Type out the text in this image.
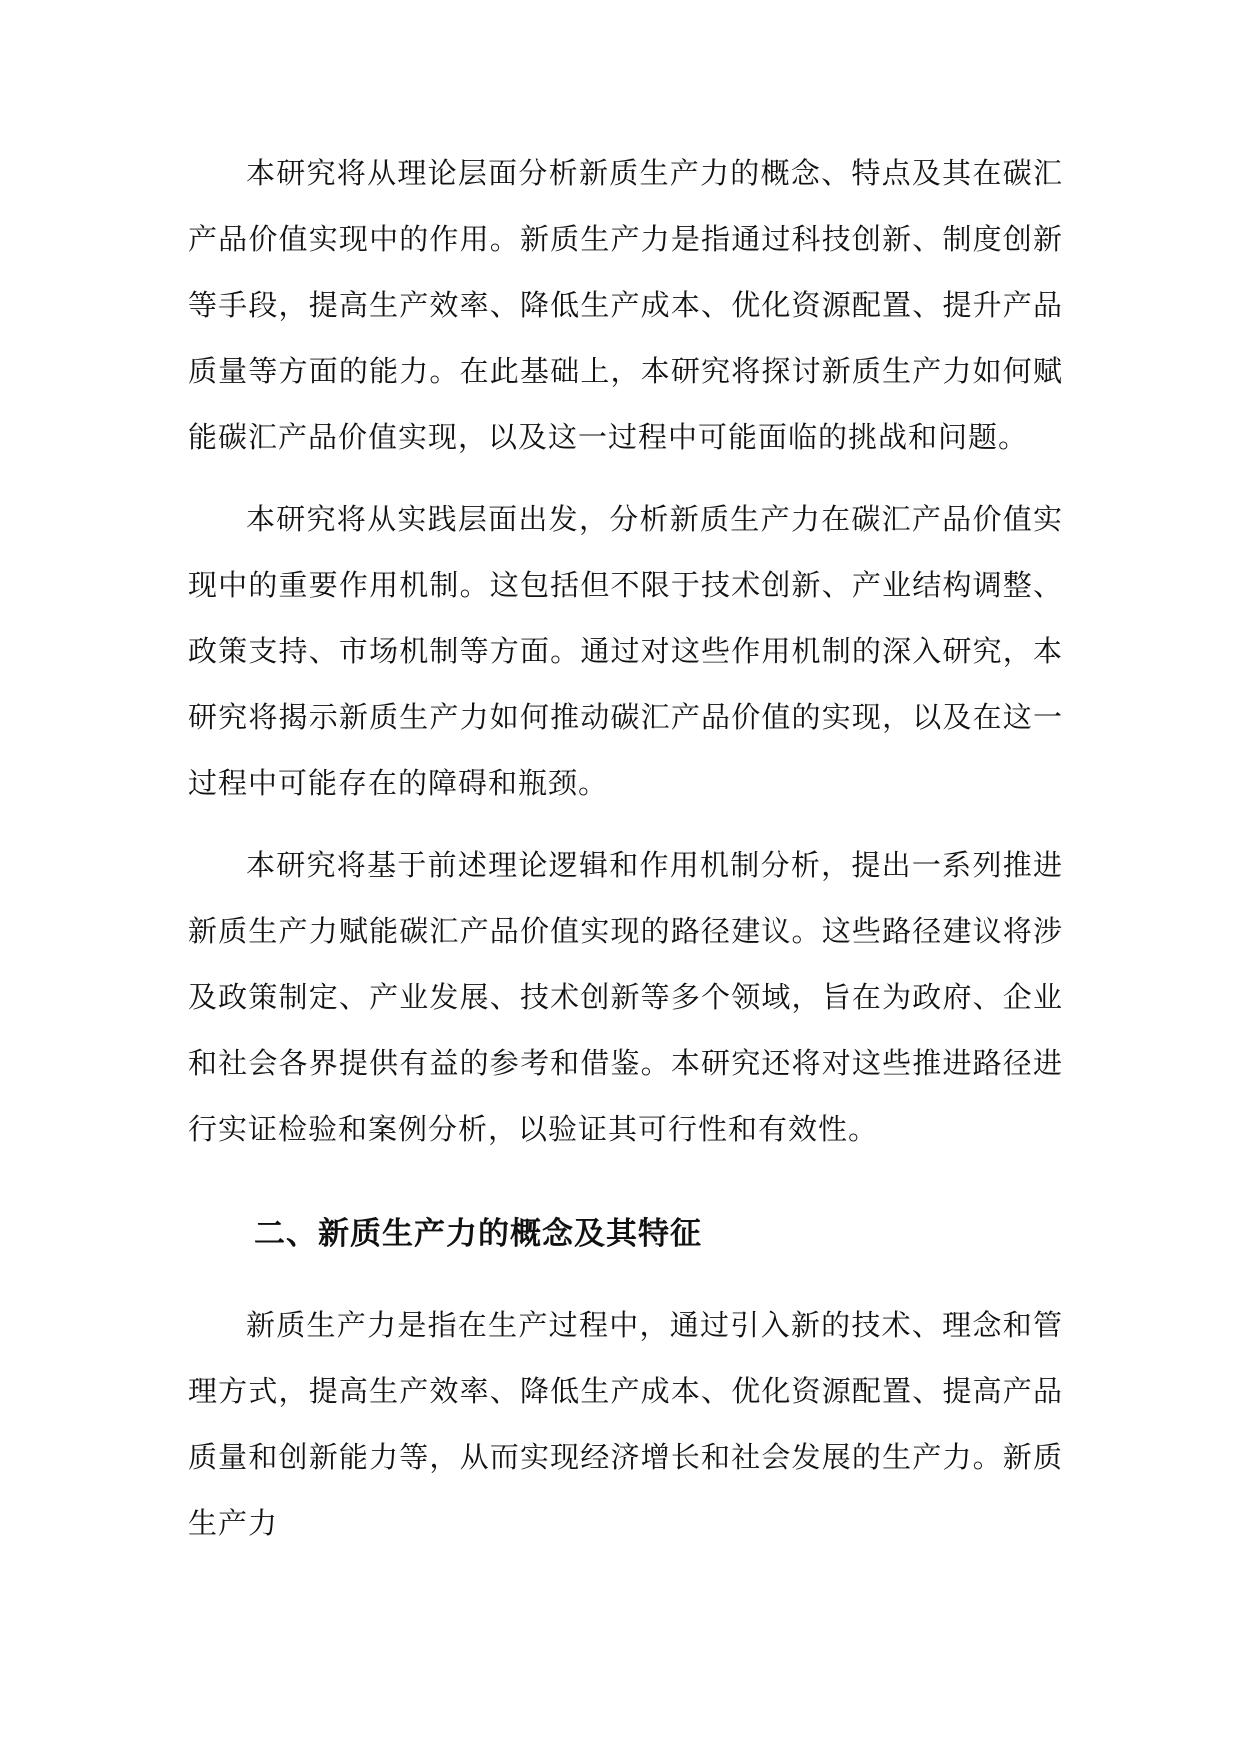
本研究将从理论层面分析新质生产力的概念、特点及其在碳汇产品价值实现中的作用。新质生产力是指通过科技创新、制度创新等手段，提高生产效率、降低生产成本、优化资源配置、提升产品质量等方面的能力。在此基础上，本研究将探讨新质生产力如何赋能碳汇产品价值实现，以及这一过程中可能面临的挑战和问题。

本研究将从实践层面出发，分析新质生产力在碳汇产品价值实现中的重要作用机制。这包括但不限于技术创新、产业结构调整、政策支持、市场机制等方面。通过对这些作用机制的深入研究，本研究将揭示新质生产力如何推动碳汇产品价值的实现，以及在这一过程中可能存在的障碍和瓶颈。

本研究将基于前述理论逻辑和作用机制分析，提出一系列推进新质生产力赋能碳汇产品价值实现的路径建议。这些路径建议将涉及政策制定、产业发展、技术创新等多个领域，旨在为政府、企业和社会各界提供有益的参考和借鉴。本研究还将对这些推进路径进行实证检验和案例分析，以验证其可行性和有效性。

二、新质生产力的概念及其特征

新质生产力是指在生产过程中，通过引入新的技术、理念和管理方式，提高生产效率、降低生产成本、优化资源配置、提高产品质量和创新能力等，从而实现经济增长和社会发展的生产力。新质生产力
